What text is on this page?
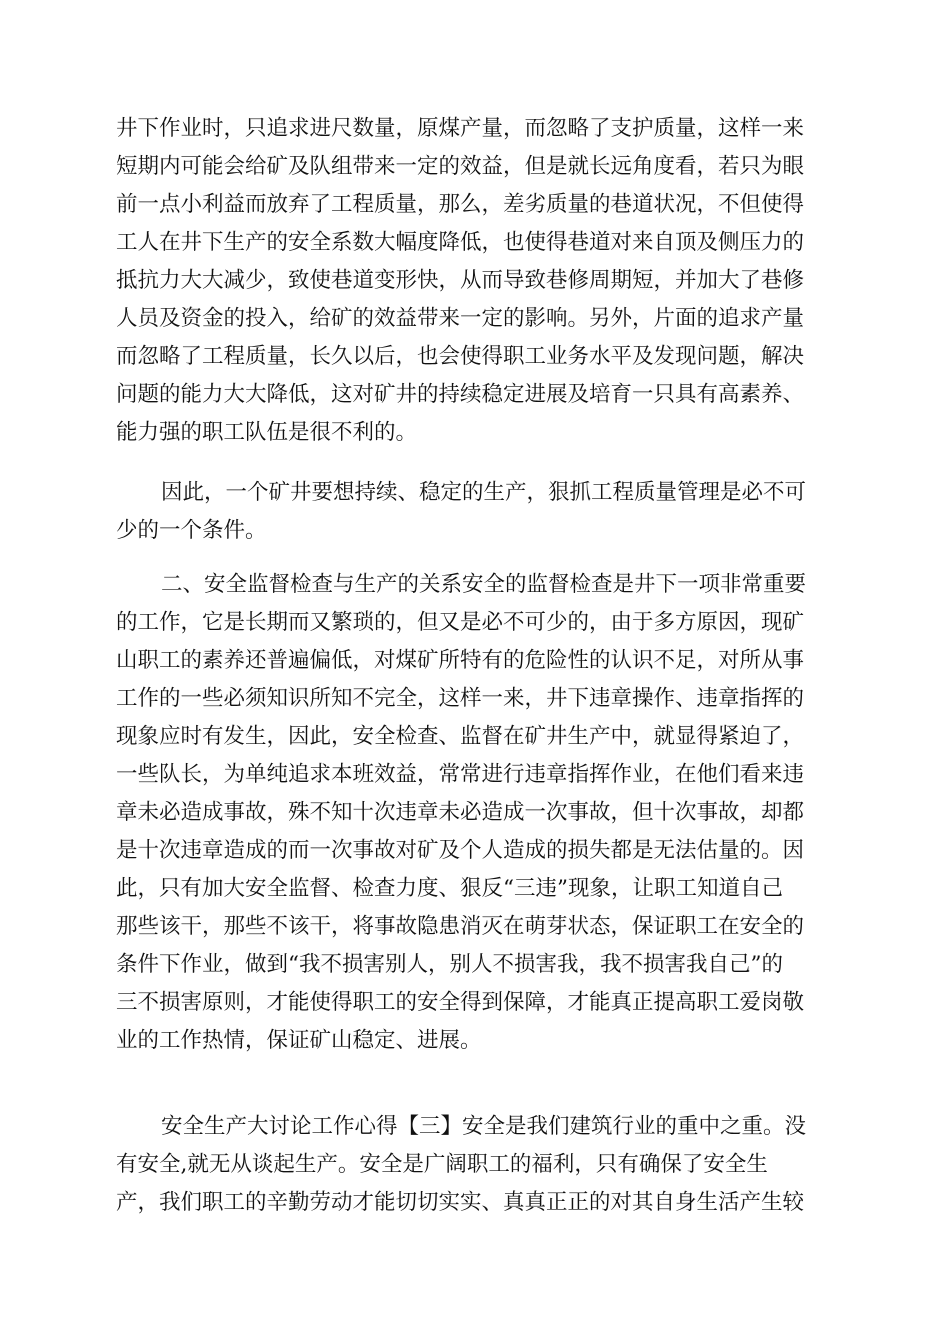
井下作业时，只追求进尺数量，原煤产量，而忽略了支护质量，这样一来
短期内可能会给矿及队组带来一定的效益，但是就长远角度看，若只为眼
前一点小利益而放弃了工程质量，那么，差劣质量的巷道状况，不但使得
工人在井下生产的安全系数大幅度降低，也使得巷道对来自顶及侧压力的
抵抗力大大减少，致使巷道变形快，从而导致巷修周期短，并加大了巷修
人员及资金的投入，给矿的效益带来一定的影响。另外，片面的追求产量
而忽略了工程质量，长久以后，也会使得职工业务水平及发现问题，解决
问题的能力大大降低，这对矿井的持续稳定进展及培育一只具有高素养、
能力强的职工队伍是很不利的。
因此，一个矿井要想持续、稳定的生产，狠抓工程质量管理是必不可
少的一个条件。
二、安全监督检查与生产的关系安全的监督检查是井下一项非常重要
的工作，它是长期而又繁琐的，但又是必不可少的，由于多方原因，现矿
山职工的素养还普遍偏低，对煤矿所特有的危险性的认识不足，对所从事
工作的一些必须知识所知不完全，这样一来，井下违章操作、违章指挥的
现象应时有发生，因此，安全检查、监督在矿井生产中，就显得紧迫了，
一些队长，为单纯追求本班效益，常常进行违章指挥作业，在他们看来违
章未必造成事故，殊不知十次违章未必造成一次事故，但十次事故，却都
是十次违章造成的而一次事故对矿及个人造成的损失都是无法估量的。因
此，只有加大安全监督、检查力度、狠反“三违”现象，让职工知道自己
那些该干，那些不该干，将事故隐患消灭在萌芽状态，保证职工在安全的
条件下作业，做到“我不损害别人，别人不损害我，我不损害我自己”的
三不损害原则，才能使得职工的安全得到保障，才能真正提高职工爱岗敬
业的工作热情，保证矿山稳定、进展。
安全生产大讨论工作心得【三】安全是我们建筑行业的重中之重。没
有安全,就无从谈起生产。安全是广阔职工的福利，只有确保了安全生
产，我们职工的辛勤劳动才能切切实实、真真正正的对其自身生活产生较
